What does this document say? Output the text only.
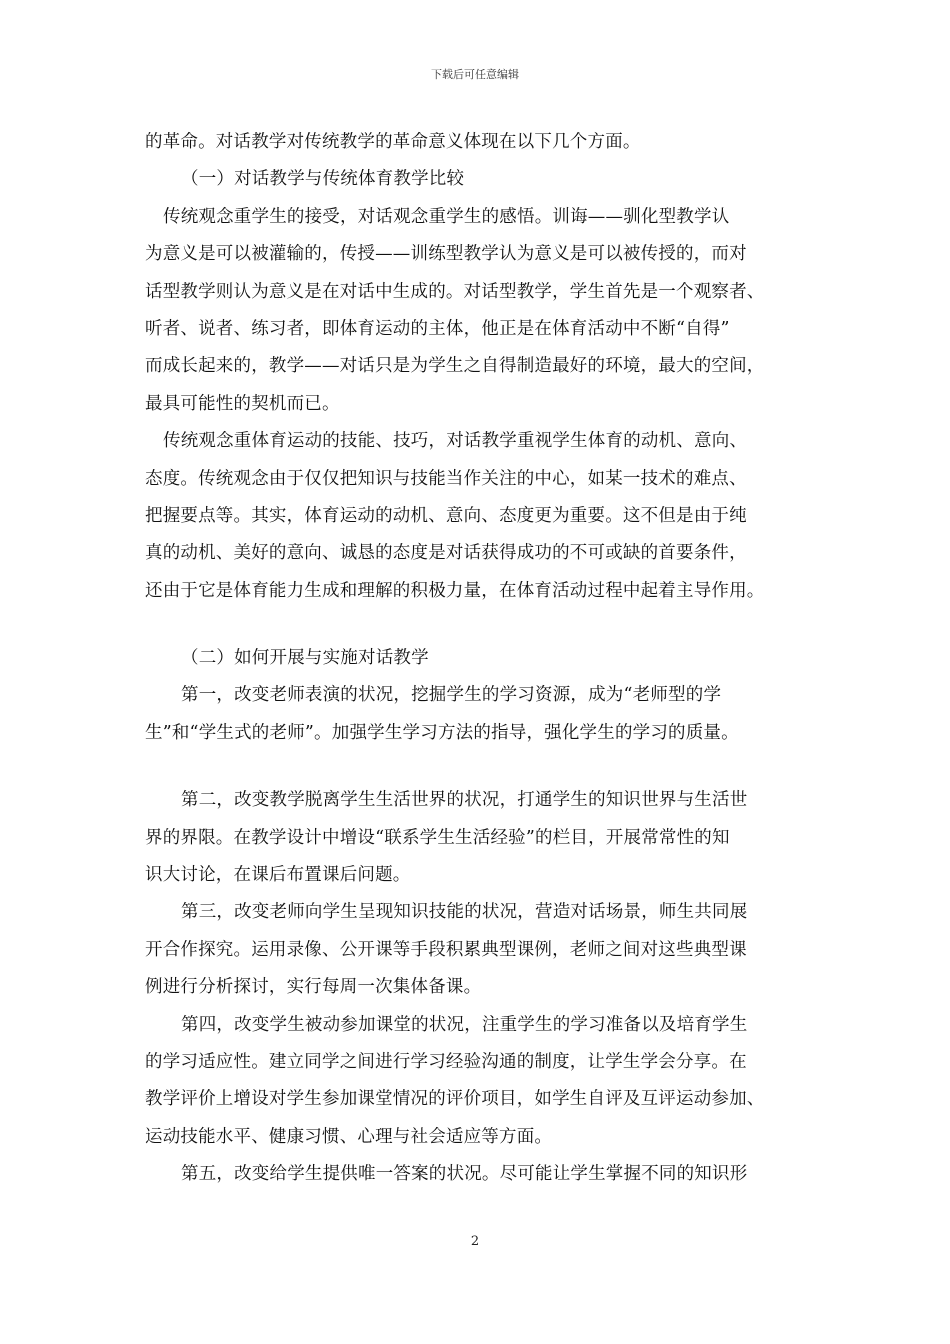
下载后可任意编辑
的革命。对话教学对传统教学的革命意义体现在以下几个方面。
（一）对话教学与传统体育教学比较
传统观念重学生的接受，对话观念重学生的感悟。训诲——驯化型教学认
为意义是可以被灌输的，传授——训练型教学认为意义是可以被传授的，而对
话型教学则认为意义是在对话中生成的。对话型教学，学生首先是一个观察者、
听者、说者、练习者，即体育运动的主体，他正是在体育活动中不断“自得”
而成长起来的，教学——对话只是为学生之自得制造最好的环境，最大的空间，
最具可能性的契机而已。
传统观念重体育运动的技能、技巧，对话教学重视学生体育的动机、意向、
态度。传统观念由于仅仅把知识与技能当作关注的中心，如某一技术的难点、
把握要点等。其实，体育运动的动机、意向、态度更为重要。这不但是由于纯
真的动机、美好的意向、诚恳的态度是对话获得成功的不可或缺的首要条件，
还由于它是体育能力生成和理解的积极力量，在体育活动过程中起着主导作用。
（二）如何开展与实施对话教学
第一，改变老师表演的状况，挖掘学生的学习资源，成为“老师型的学
生”和“学生式的老师”。加强学生学习方法的指导，强化学生的学习的质量。
第二，改变教学脱离学生生活世界的状况，打通学生的知识世界与生活世
界的界限。在教学设计中增设“联系学生生活经验”的栏目，开展常常性的知
识大讨论，在课后布置课后问题。
第三，改变老师向学生呈现知识技能的状况，营造对话场景，师生共同展
开合作探究。运用录像、公开课等手段积累典型课例，老师之间对这些典型课
例进行分析探讨，实行每周一次集体备课。
第四，改变学生被动参加课堂的状况，注重学生的学习准备以及培育学生
的学习适应性。建立同学之间进行学习经验沟通的制度，让学生学会分享。在
教学评价上增设对学生参加课堂情况的评价项目，如学生自评及互评运动参加、
运动技能水平、健康习惯、心理与社会适应等方面。
第五，改变给学生提供唯一答案的状况。尽可能让学生掌握不同的知识形
2
